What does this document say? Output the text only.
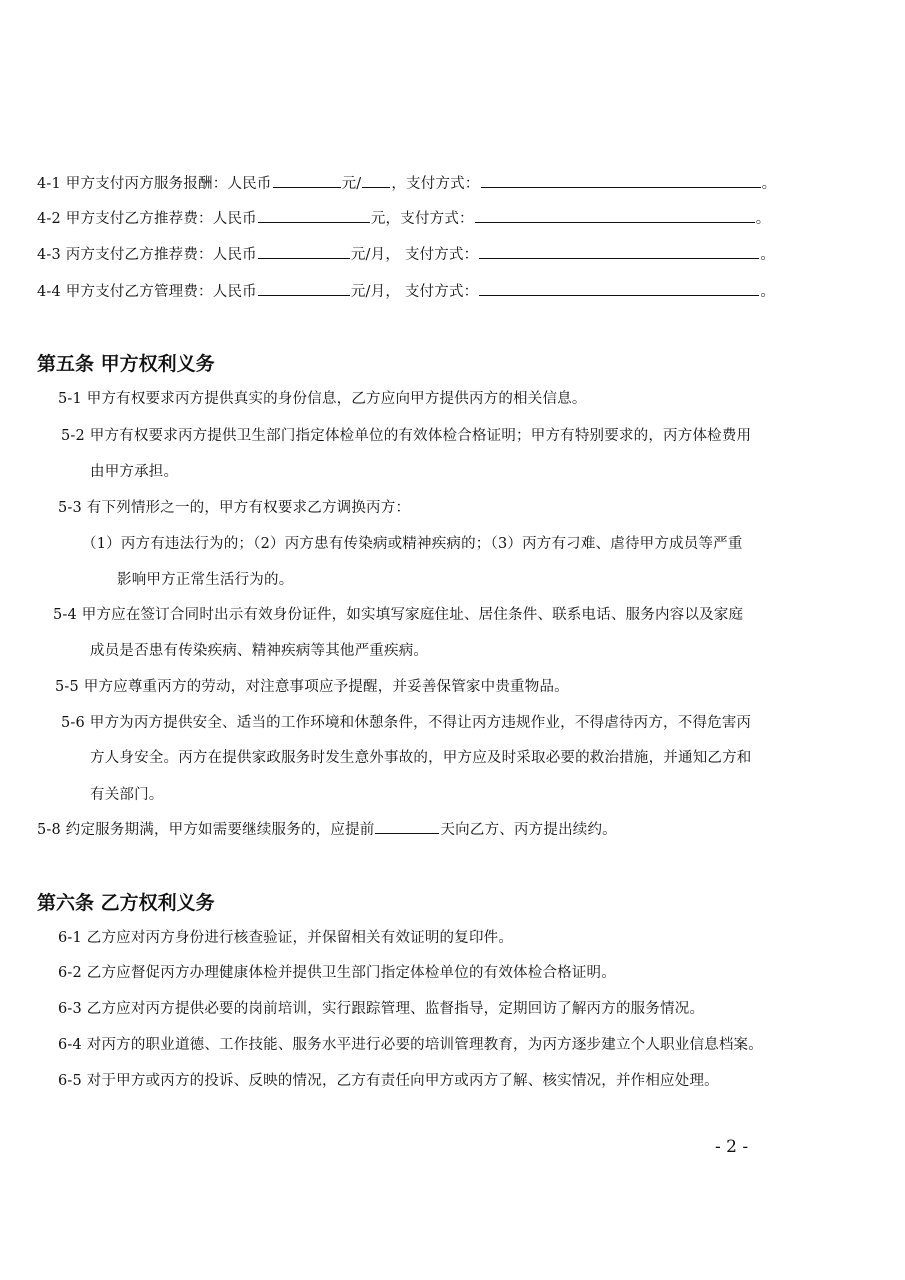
4-1 甲方支付丙方服务报酬：人民币	元/ ，支付方式：	。
4-2 甲方支付乙方推荐费：人民币	元，支付方式：	。
4-3 丙方支付乙方推荐费：人民币	元/月， 支付方式：	。
4-4 甲方支付乙方管理费：人民币	元/月， 支付方式：	。
第五条 甲方权利义务
5-1 甲方有权要求丙方提供真实的身份信息，乙方应向甲方提供丙方的相关信息。
5-2 甲方有权要求丙方提供卫生部门指定体检单位的有效体检合格证明；甲方有特别要求的，丙方体检费用
由甲方承担。
5-3 有下列情形之一的，甲方有权要求乙方调换丙方：
（1）丙方有违法行为的；（2）丙方患有传染病或精神疾病的；（3）丙方有刁难、虐待甲方成员等严重
影响甲方正常生活行为的。
5-4 甲方应在签订合同时出示有效身份证件，如实填写家庭住址、居住条件、联系电话、服务内容以及家庭
成员是否患有传染疾病、精神疾病等其他严重疾病。
5-5 甲方应尊重丙方的劳动，对注意事项应予提醒，并妥善保管家中贵重物品。
5-6 甲方为丙方提供安全、适当的工作环境和休憩条件，不得让丙方违规作业，不得虐待丙方，不得危害丙
方人身安全。丙方在提供家政服务时发生意外事故的，甲方应及时采取必要的救治措施，并通知乙方和
有关部门。
5-8 约定服务期满，甲方如需要继续服务的，应提前	天向乙方、丙方提出续约。
第六条 乙方权利义务
6-1 乙方应对丙方身份进行核查验证，并保留相关有效证明的复印件。
6-2 乙方应督促丙方办理健康体检并提供卫生部门指定体检单位的有效体检合格证明。
6-3 乙方应对丙方提供必要的岗前培训，实行跟踪管理、监督指导，定期回访了解丙方的服务情况。
6-4 对丙方的职业道德、工作技能、服务水平进行必要的培训管理教育，为丙方逐步建立个人职业信息档案。
6-5 对于甲方或丙方的投诉、反映的情况，乙方有责任向甲方或丙方了解、核实情况，并作相应处理。
- 2 -
